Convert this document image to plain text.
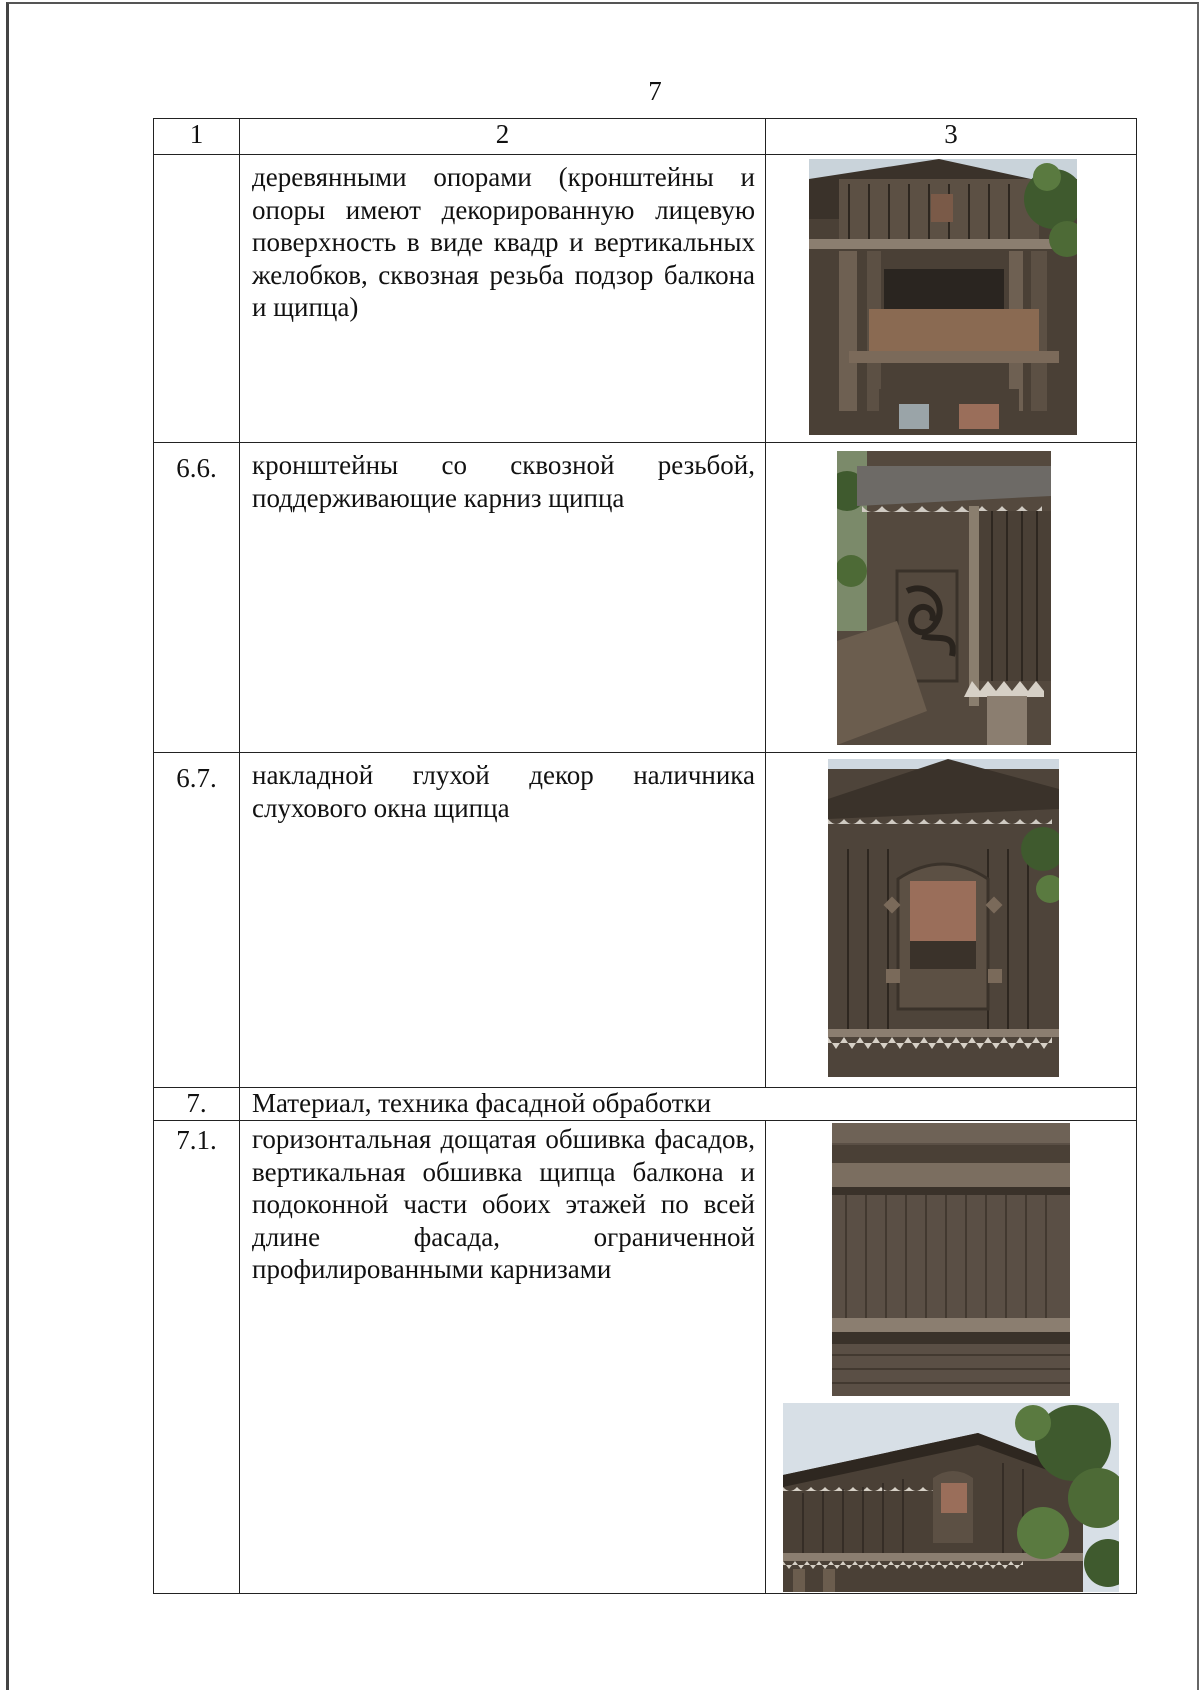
7
1	2	3
	деревянными опорами (кронштейны и опоры имеют декорированную лицевую поверхность в виде квадр и вертикальных желобков, сквозная резьба подзор балкона и щипца)	

6.6.	кронштейны со сквозной резьбой, поддерживающие карниз щипца	

6.7.	накладной глухой декор наличника слухового окна щипца	

7.	Материал, техника фасадной обработки	
7.1.	горизонтальная дощатая обшивка фасадов, вертикальная обшивка щипца балкона и подоконной части обоих этажей по всей длине фасада, ограниченной профилированными карнизами	
